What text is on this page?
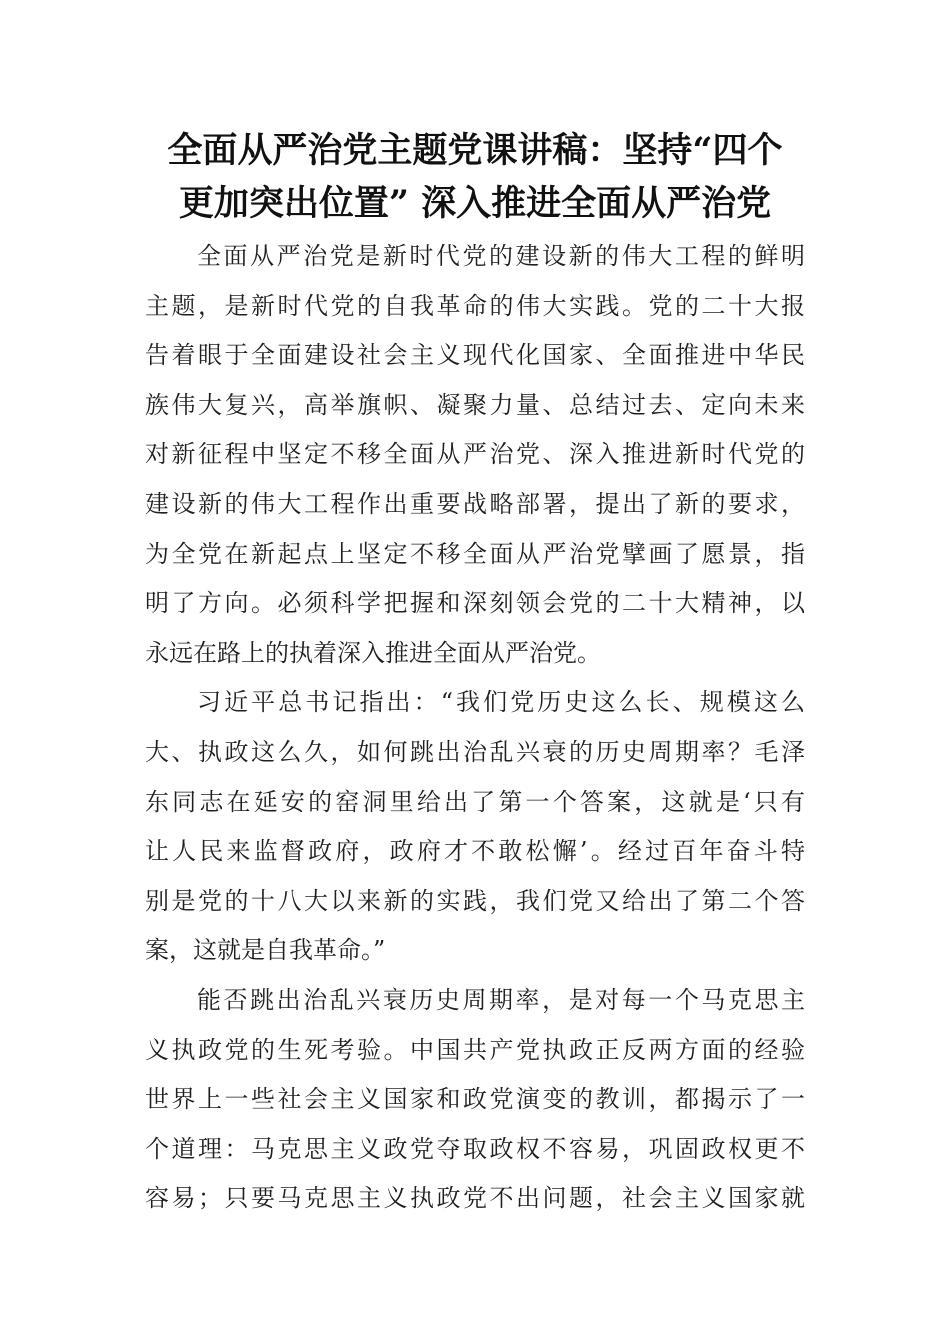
全面从严治党主题党课讲稿：坚持“四个
更加突出位置” 深入推进全面从严治党
全面从严治党是新时代党的建设新的伟大工程的鲜明
主题，是新时代党的自我革命的伟大实践。党的二十大报
告着眼于全面建设社会主义现代化国家、全面推进中华民
族伟大复兴，高举旗帜、凝聚力量、总结过去、定向未来
对新征程中坚定不移全面从严治党、深入推进新时代党的
建设新的伟大工程作出重要战略部署，提出了新的要求，
为全党在新起点上坚定不移全面从严治党擘画了愿景，指
明了方向。必须科学把握和深刻领会党的二十大精神，以
永远在路上的执着深入推进全面从严治党。
习近平总书记指出：“我们党历史这么长、规模这么
大、执政这么久，如何跳出治乱兴衰的历史周期率？毛泽
东同志在延安的窑洞里给出了第一个答案，这就是‘只有
让人民来监督政府，政府才不敢松懈’。经过百年奋斗特
别是党的十八大以来新的实践，我们党又给出了第二个答
案，这就是自我革命。”
能否跳出治乱兴衰历史周期率，是对每一个马克思主
义执政党的生死考验。中国共产党执政正反两方面的经验
世界上一些社会主义国家和政党演变的教训，都揭示了一
个道理：马克思主义政党夺取政权不容易，巩固政权更不
容易；只要马克思主义执政党不出问题，社会主义国家就
